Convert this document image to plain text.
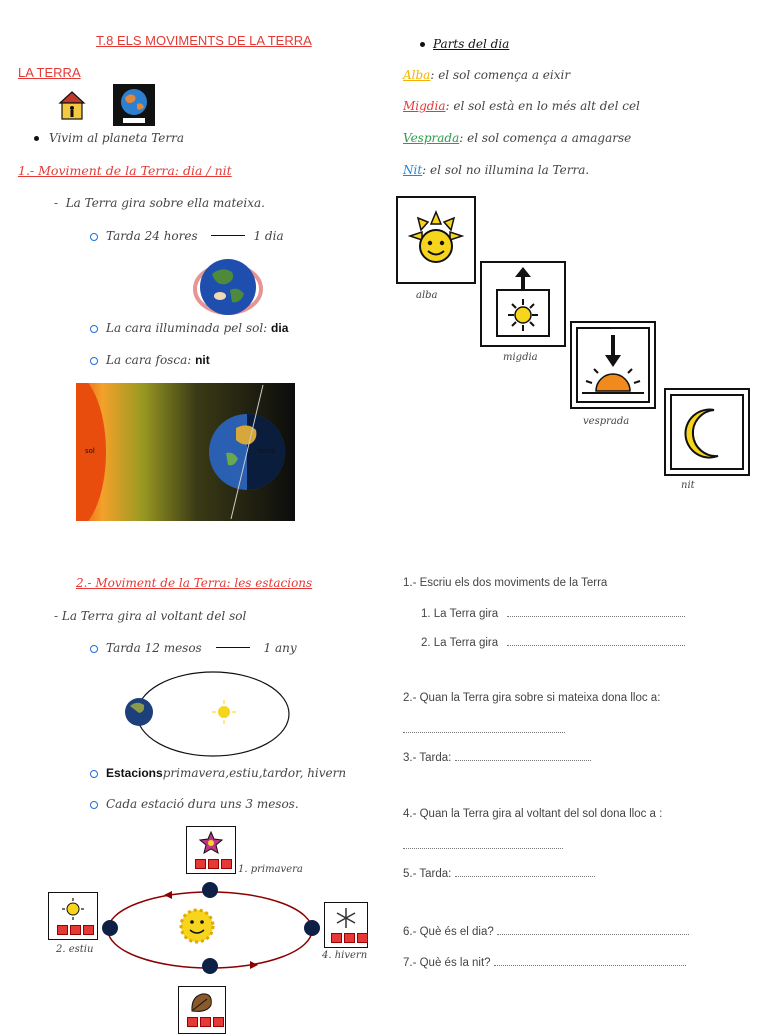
T.8 ELS MOVIMENTS DE LA TERRA
LA TERRA
Vivim al planeta Terra
1.- Moviment de la Terra: dia / nit
-  La Terra gira sobre ella mateixa.
Tarda 24 hores	1 dia
La cara illuminada pel sol: dia
La cara fosca: nit
sol	terra
Parts del dia
Alba: el sol comença a eixir
Migdia: el sol està en lo més alt del cel
Vesprada: el sol comença a amagarse
Nit: el sol no illumina la Terra.
alba
migdia
vesprada
nit
2.- Moviment de la Terra: les estacions
- La Terra gira al voltant del sol
Tarda 12 mesos	1 any
Estacionsprimavera,estiu,tardor, hivern
Cada estació dura uns 3 mesos.
1. primavera
2. estiu
4. hivern
1.- Escriu els dos moviments de la Terra
1. La Terra gira
2. La Terra gira
2.- Quan la Terra gira sobre si mateixa dona lloc a:
3.- Tarda:
4.- Quan la Terra gira al voltant del sol dona lloc a :
5.- Tarda:
6.- Què és el dia?
7.- Què és la nit?
